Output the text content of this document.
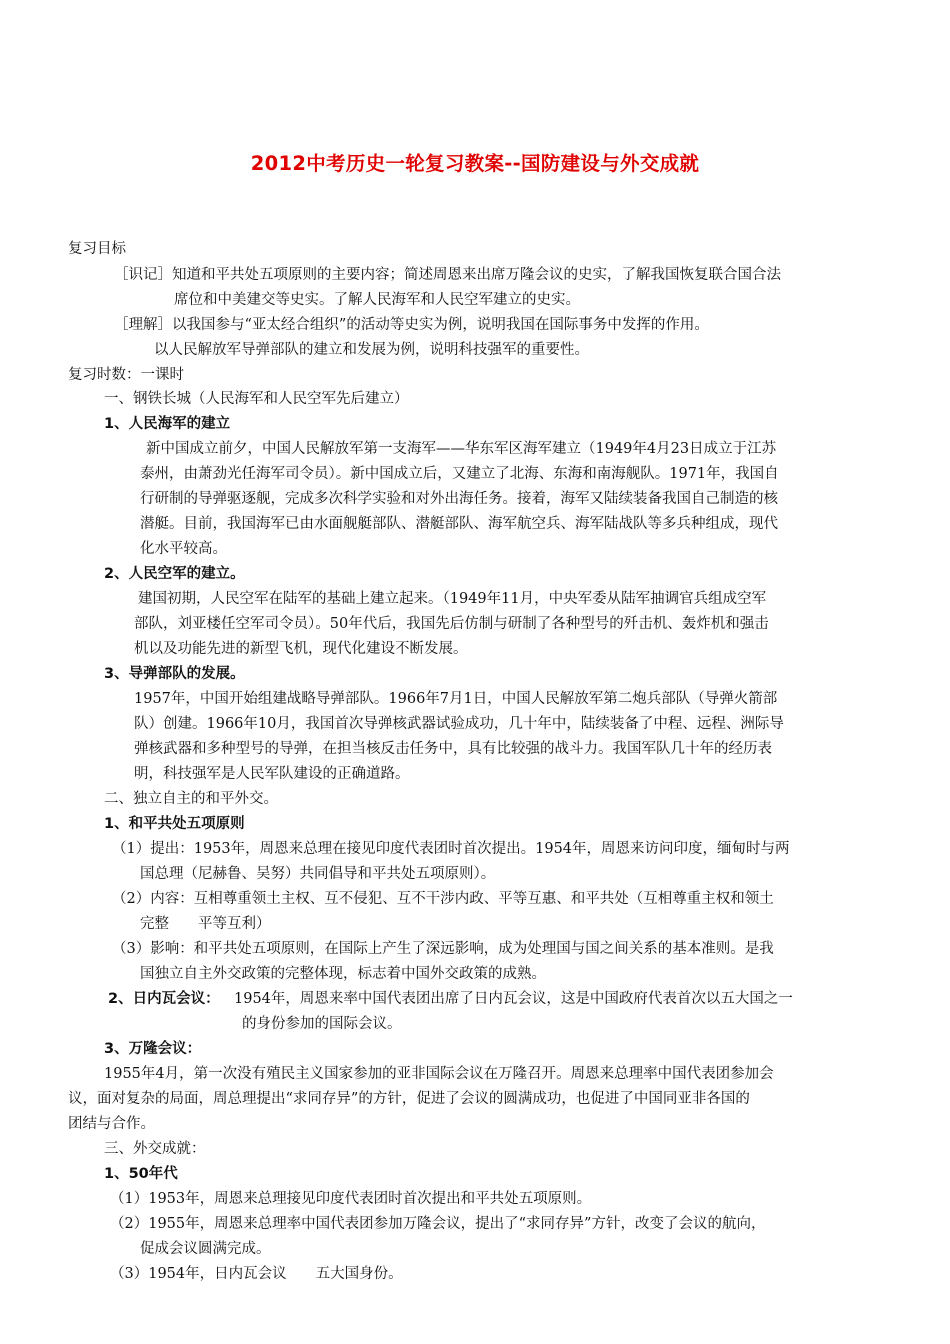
2012中考历史一轮复习教案--国防建设与外交成就
复习目标
［识记］知道和平共处五项原则的主要内容；简述周恩来出席万隆会议的史实，了解我国恢复联合国合法
席位和中美建交等史实。了解人民海军和人民空军建立的史实。
［理解］以我国参与“亚太经合组织”的活动等史实为例，说明我国在国际事务中发挥的作用。
以人民解放军导弹部队的建立和发展为例，说明科技强军的重要性。
复习时数：一课时
一、钢铁长城（人民海军和人民空军先后建立）
1、人民海军的建立
新中国成立前夕，中国人民解放军第一支海军——华东军区海军建立（1949年4月23日成立于江苏
泰州，由萧劲光任海军司令员）。新中国成立后，又建立了北海、东海和南海舰队。1971年，我国自
行研制的导弹驱逐舰，完成多次科学实验和对外出海任务。接着，海军又陆续装备我国自己制造的核
潜艇。目前，我国海军已由水面舰艇部队、潜艇部队、海军航空兵、海军陆战队等多兵种组成，现代
化水平较高。
2、人民空军的建立。
建国初期，人民空军在陆军的基础上建立起来。（1949年11月，中央军委从陆军抽调官兵组成空军
部队，刘亚楼任空军司令员）。50年代后，我国先后仿制与研制了各种型号的歼击机、轰炸机和强击
机以及功能先进的新型飞机，现代化建设不断发展。
3、导弹部队的发展。
1957年，中国开始组建战略导弹部队。1966年7月1日，中国人民解放军第二炮兵部队（导弹火箭部
队）创建。1966年10月，我国首次导弹核武器试验成功，几十年中，陆续装备了中程、远程、洲际导
弹核武器和多种型号的导弹，在担当核反击任务中，具有比较强的战斗力。我国军队几十年的经历表
明，科技强军是人民军队建设的正确道路。
二、独立自主的和平外交。
1、和平共处五项原则
（1）提出：1953年，周恩来总理在接见印度代表团时首次提出。1954年，周恩来访问印度，缅甸时与两
国总理（尼赫鲁、吴努）共同倡导和平共处五项原则）。
（2）内容：互相尊重领土主权、互不侵犯、互不干涉内政、平等互惠、和平共处（互相尊重主权和领土
完整　　平等互利）
（3）影响：和平共处五项原则，在国际上产生了深远影响，成为处理国与国之间关系的基本准则。是我
国独立自主外交政策的完整体现，标志着中国外交政策的成熟。
2、日内瓦会议： 1954年，周恩来率中国代表团出席了日内瓦会议，这是中国政府代表首次以五大国之一
的身份参加的国际会议。
3、万隆会议：
1955年4月，第一次没有殖民主义国家参加的亚非国际会议在万隆召开。周恩来总理率中国代表团参加会
议，面对复杂的局面，周总理提出“求同存异”的方针，促进了会议的圆满成功，也促进了中国同亚非各国的
团结与合作。
三、外交成就：
1、50年代
（1）1953年，周恩来总理接见印度代表团时首次提出和平共处五项原则。
（2）1955年，周恩来总理率中国代表团参加万隆会议，提出了“求同存异”方针，改变了会议的航向，
促成会议圆满完成。
（3）1954年，日内瓦会议　　五大国身份。
